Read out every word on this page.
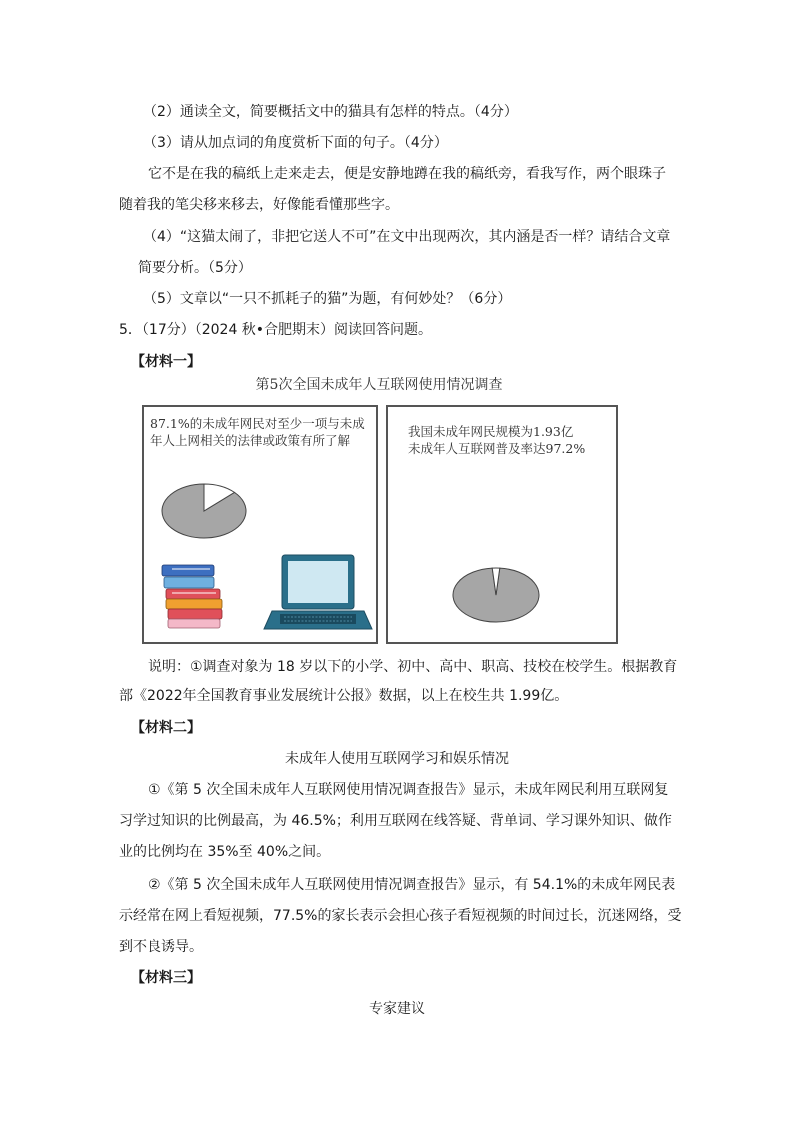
（2）通读全文，简要概括文中的猫具有怎样的特点。（4分）
（3）请从加点词的角度赏析下面的句子。（4分）
它不是在我的稿纸上走来走去，便是安静地蹲在我的稿纸旁，看我写作，两个眼珠子
随着我的笔尖移来移去，好像能看懂那些字。
（4）“这猫太闹了，非把它送人不可”在文中出现两次，其内涵是否一样？请结合文章
简要分析。（5分）
（5）文章以“一只不抓耗子的猫”为题，有何妙处？（6分）
5．（17分）（2024 秋•合肥期末）阅读回答问题。
【材料一】
第5次全国未成年人互联网使用情况调查
87.1%的未成年网民对至少一项与未成
年人上网相关的法律或政策有所了解
我国未成年网民规模为1.93亿
未成年人互联网普及率达97.2%
说明：①调查对象为 18 岁以下的小学、初中、高中、职高、技校在校学生。根据教育
部《2022年全国教育事业发展统计公报》数据，以上在校生共 1.99亿。
【材料二】
未成年人使用互联网学习和娱乐情况
①《第 5 次全国未成年人互联网使用情况调查报告》显示，未成年网民利用互联网复
习学过知识的比例最高，为 46.5%；利用互联网在线答疑、背单词、学习课外知识、做作
业的比例均在 35%至 40%之间。
②《第 5 次全国未成年人互联网使用情况调查报告》显示，有 54.1%的未成年网民表
示经常在网上看短视频，77.5%的家长表示会担心孩子看短视频的时间过长，沉迷网络，受
到不良诱导。
【材料三】
专家建议
